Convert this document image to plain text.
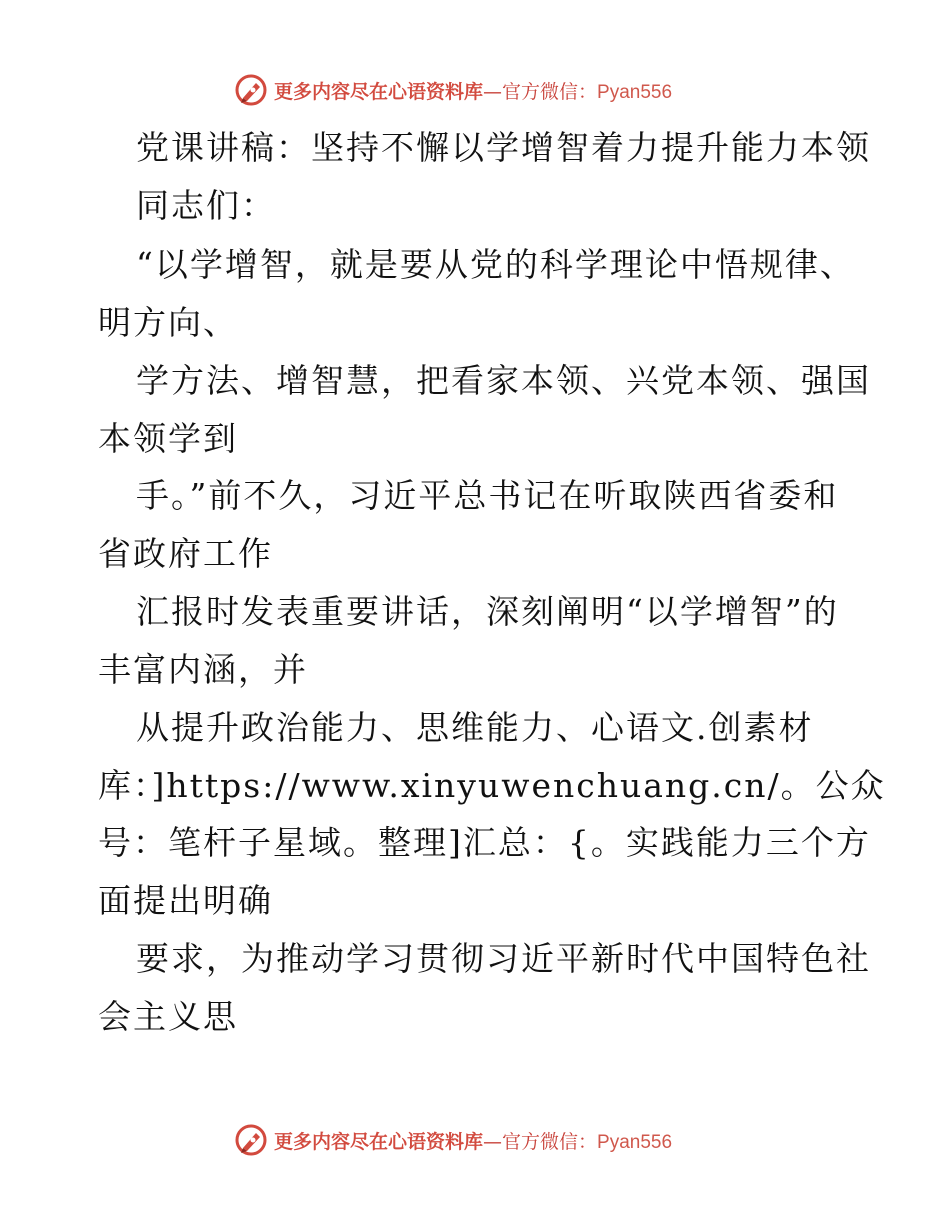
更多内容尽在心语资料库—官方微信：Pyan556
党课讲稿：坚持不懈以学增智着力提升能力本领
同志们：
“以学增智，就是要从党的科学理论中悟规律、
明方向、
学方法、增智慧，把看家本领、兴党本领、强国
本领学到
手。”前不久，习近平总书记在听取陕西省委和
省政府工作
汇报时发表重要讲话，深刻阐明“以学增智”的
丰富内涵，并
从提升政治能力、思维能力、心语文.创素材
库：]https://www.xinyuwenchuang.cn/。公众
号：笔杆子星域。整理]汇总：{。实践能力三个方
面提出明确
要求，为推动学习贯彻习近平新时代中国特色社
会主义思
更多内容尽在心语资料库—官方微信：Pyan556
